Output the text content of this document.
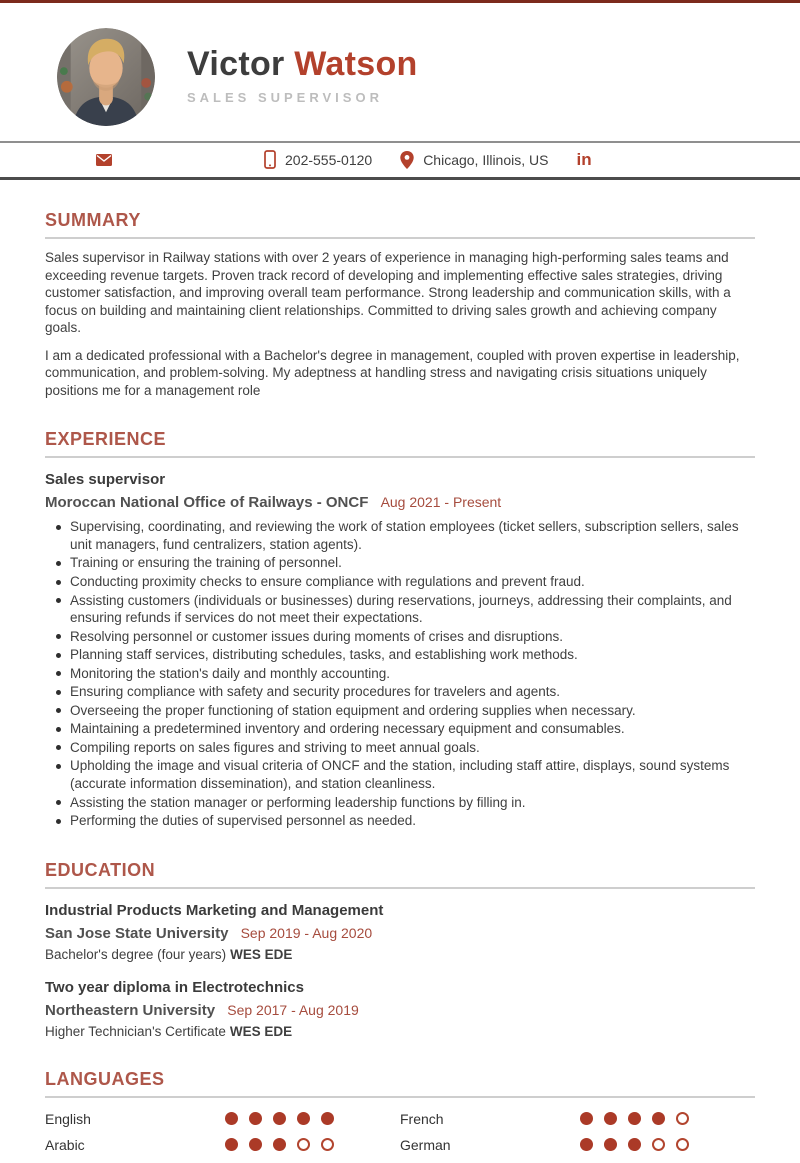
Victor Watson
SALES SUPERVISOR
202-555-0120	Chicago, Illinois, US in
SUMMARY

Sales supervisor in Railway stations with over 2 years of experience in managing high-performing sales teams and exceeding revenue targets. Proven track record of developing and implementing effective sales strategies, driving customer satisfaction, and improving overall team performance. Strong leadership and communication skills, with a focus on building and maintaining client relationships. Committed to driving sales growth and achieving company goals.

I am a dedicated professional with a Bachelor's degree in management, coupled with proven expertise in leadership, communication, and problem-solving. My adeptness at handling stress and navigating crisis situations uniquely positions me for a management role

EXPERIENCE
Sales supervisor
Moroccan National Office of Railways - ONCF Aug 2021 - Present
Supervising, coordinating, and reviewing the work of station employees (ticket sellers, subscription sellers, sales unit managers, fund centralizers, station agents).
Training or ensuring the training of personnel.
Conducting proximity checks to ensure compliance with regulations and prevent fraud.
Assisting customers (individuals or businesses) during reservations, journeys, addressing their complaints, and ensuring refunds if services do not meet their expectations.
Resolving personnel or customer issues during moments of crises and disruptions.
Planning staff services, distributing schedules, tasks, and establishing work methods.
Monitoring the station's daily and monthly accounting.
Ensuring compliance with safety and security procedures for travelers and agents.
Overseeing the proper functioning of station equipment and ordering supplies when necessary.
Maintaining a predetermined inventory and ordering necessary equipment and consumables.
Compiling reports on sales figures and striving to meet annual goals.
Upholding the image and visual criteria of ONCF and the station, including staff attire, displays, sound systems (accurate information dissemination), and station cleanliness.
Assisting the station manager or performing leadership functions by filling in.
Performing the duties of supervised personnel as needed.
EDUCATION
Industrial Products Marketing and Management
San Jose State University Sep 2019 - Aug 2020
Bachelor's degree (four years) WES EDE
Two year diploma in Electrotechnics
Northeastern University Sep 2017 - Aug 2019
Higher Technician's Certificate WES EDE
LANGUAGES
English	French
Arabic	German
